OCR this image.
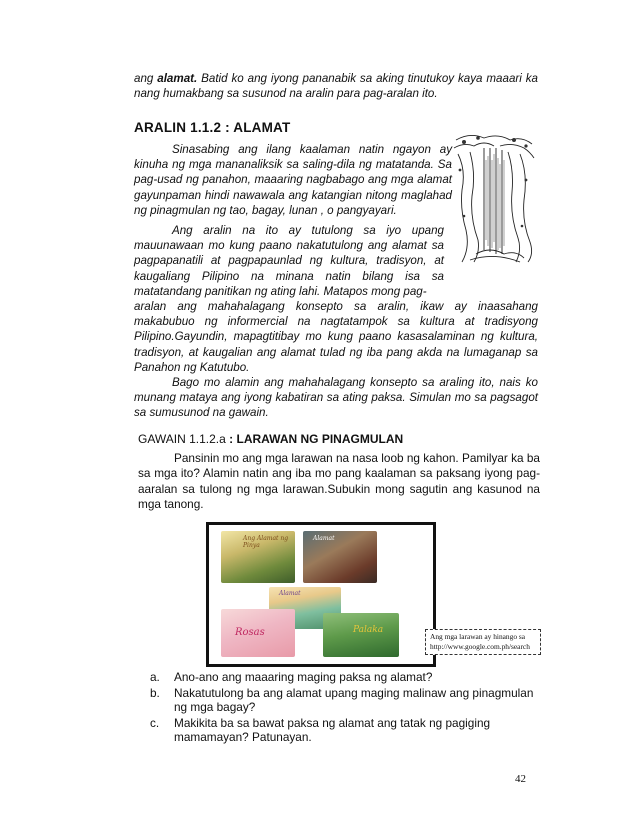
ang alamat. Batid ko ang iyong pananabik sa aking tinutukoy kaya maaari ka nang humakbang sa susunod na aralin para pag-aralan ito.

ARALIN 1.1.2 : ALAMAT

Sinasabing ang ilang kaalaman natin ngayon ay kinuha ng mga mananaliksik sa saling-dila ng matatanda. Sa pag-usad ng panahon, maaaring nagbabago ang mga alamat gayunpaman hindi nawawala ang katangian nitong maglahad ng pinagmulan ng tao, bagay, lunan , o pangyayari.

Ang aralin na ito ay tutulong sa iyo upang mauunawaan mo kung paano nakatutulong ang alamat sa pagpapanatili at pagpapaunlad ng kultura, tradisyon, at kaugaliang Pilipino na minana natin bilang isa sa matatandang panitikan ng ating lahi. Matapos mong pag-

aralan ang mahahalagang konsepto sa aralin, ikaw ay inaasahang makabubuo ng informercial na nagtatampok sa kultura at tradisyong Pilipino.Gayundin, mapagtitibay mo kung paano kasasalaminan ng kultura, tradisyon, at kaugalian ang alamat tulad ng iba pang akda na lumaganap sa Panahon ng Katutubo.

Bago mo alamin ang mahahalagang konsepto sa araling ito, nais ko munang mataya ang iyong kabatiran sa ating paksa. Simulan mo sa pagsagot sa sumusunod na gawain.

GAWAIN 1.1.2.a : LARAWAN NG PINAGMULAN

Pansinin mo ang mga larawan na nasa loob ng kahon. Pamilyar ka ba sa mga ito? Alamin natin ang iba mo pang kaalaman sa paksang iyong pag-aaralan sa tulong ng mga larawan.Subukin mong sagutin ang kasunod na mga tanong.

Ang Alamat ng Pinya
Alamat
Alamat
Rosas	Palaka
Ang mga larawan ay hinango sa
http://www.google.com.ph/search
a. Ano-ano ang maaaring maging paksa ng alamat?
b. Nakatutulong ba ang alamat upang maging malinaw ang pinagmulan ng mga bagay?
c. Makikita ba sa bawat paksa ng alamat ang tatak ng pagiging mamamayan? Patunayan.
42
